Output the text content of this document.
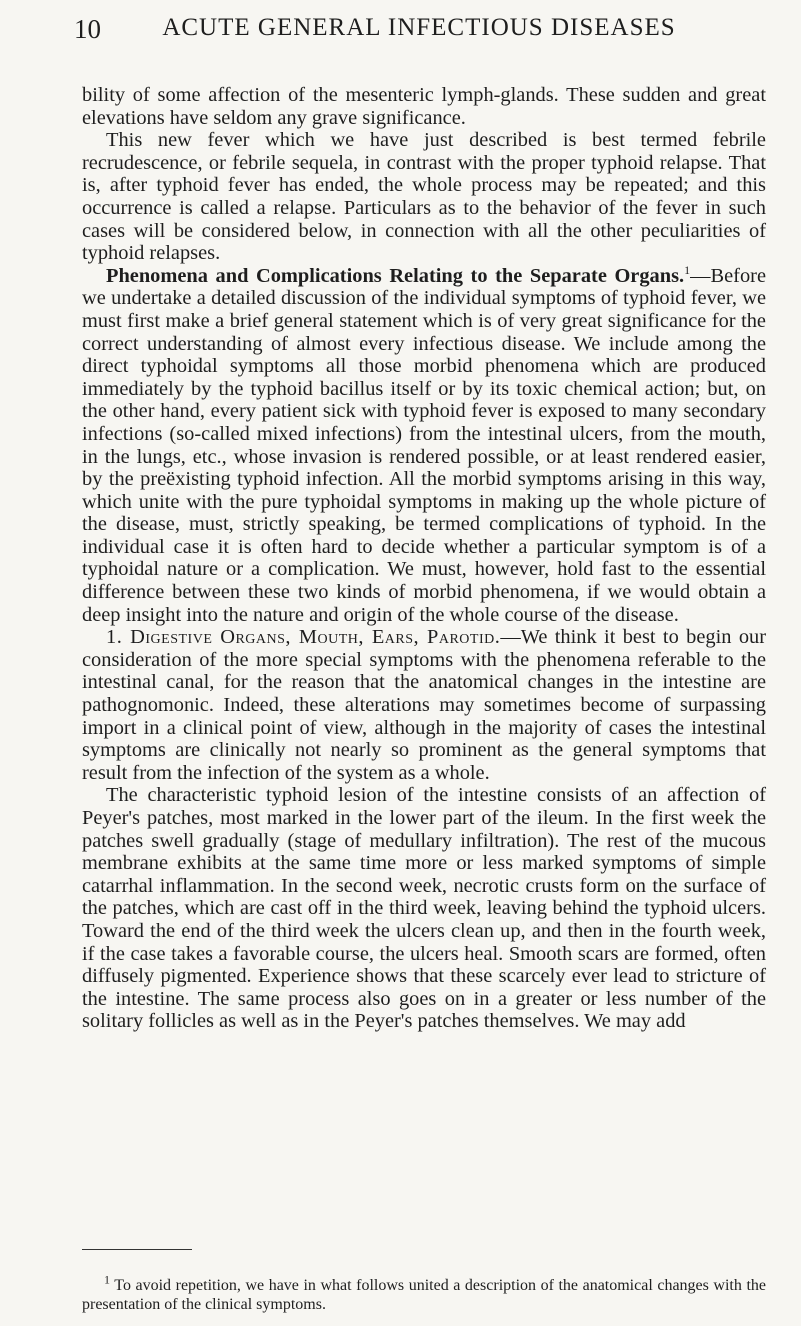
10	ACUTE GENERAL INFECTIOUS DISEASES

bility of some affection of the mesenteric lymph-glands. These sudden and great elevations have seldom any grave significance.

This new fever which we have just described is best termed febrile recrudescence, or febrile sequela, in contrast with the proper typhoid relapse. That is, after typhoid fever has ended, the whole process may be repeated; and this occurrence is called a relapse. Particulars as to the behavior of the fever in such cases will be considered below, in connection with all the other peculiarities of typhoid relapses.

Phenomena and Complications Relating to the Separate Organs.$^1$—Before we undertake a detailed discussion of the individual symptoms of typhoid fever, we must first make a brief general statement which is of very great significance for the correct understanding of almost every infectious disease. We include among the direct typhoidal symptoms all those morbid phenomena which are produced immediately by the typhoid bacillus itself or by its toxic chemical action; but, on the other hand, every patient sick with typhoid fever is exposed to many secondary infections (so-called mixed infections) from the intestinal ulcers, from the mouth, in the lungs, etc., whose invasion is rendered possible, or at least rendered easier, by the preëxisting typhoid infection. All the morbid symptoms arising in this way, which unite with the pure typhoidal symptoms in making up the whole picture of the disease, must, strictly speaking, be termed complications of typhoid. In the individual case it is often hard to decide whether a particular symptom is of a typhoidal nature or a complication. We must, however, hold fast to the essential difference between these two kinds of morbid phenomena, if we would obtain a deep insight into the nature and origin of the whole course of the disease.

1. Digestive Organs, Mouth, Ears, Parotid.—We think it best to begin our consideration of the more special symptoms with the phenomena referable to the intestinal canal, for the reason that the anatomical changes in the intestine are pathognomonic. Indeed, these alterations may sometimes become of surpassing import in a clinical point of view, although in the majority of cases the intestinal symptoms are clinically not nearly so prominent as the general symptoms that result from the infection of the system as a whole.

The characteristic typhoid lesion of the intestine consists of an affection of Peyer's patches, most marked in the lower part of the ileum. In the first week the patches swell gradually (stage of medullary infiltration). The rest of the mucous membrane exhibits at the same time more or less marked symptoms of simple catarrhal inflammation. In the second week, necrotic crusts form on the surface of the patches, which are cast off in the third week, leaving behind the typhoid ulcers. Toward the end of the third week the ulcers clean up, and then in the fourth week, if the case takes a favorable course, the ulcers heal. Smooth scars are formed, often diffusely pigmented. Experience shows that these scarcely ever lead to stricture of the intestine. The same process also goes on in a greater or less number of the solitary follicles as well as in the Peyer's patches themselves. We may add

$^1$ To avoid repetition, we have in what follows united a description of the anatomical changes with the presentation of the clinical symptoms.
